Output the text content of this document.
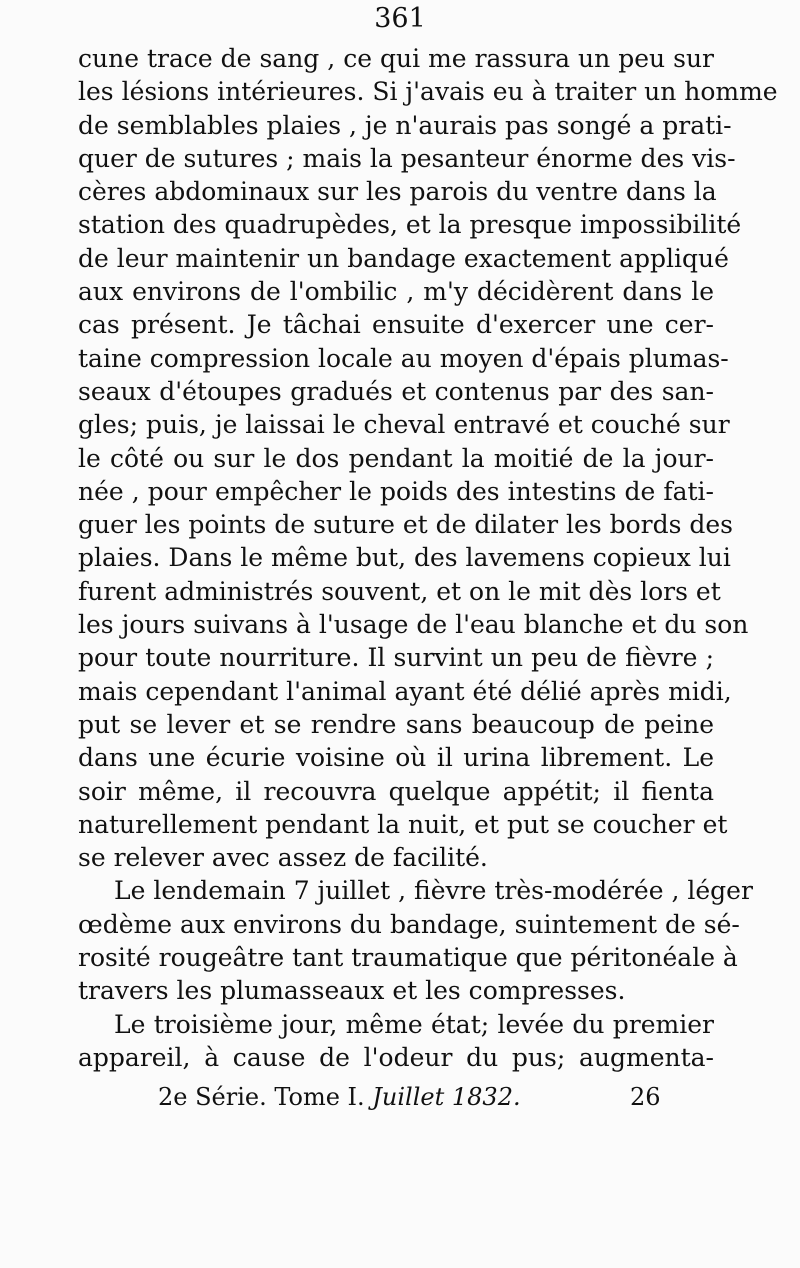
361
cune trace de sang , ce qui me rassura un peu sur
les lésions intérieures. Si j'avais eu à traiter un homme
de semblables plaies , je n'aurais pas songé a prati-
quer de sutures ; mais la pesanteur énorme des vis-
cères abdominaux sur les parois du ventre dans la
station des quadrupèdes, et la presque impossibilité
de leur maintenir un bandage exactement appliqué
aux environs de l'ombilic , m'y décidèrent dans le
cas présent. Je tâchai ensuite d'exercer une cer-
taine compression locale au moyen d'épais plumas-
seaux d'étoupes gradués et contenus par des san-
gles; puis, je laissai le cheval entravé et couché sur
le côté ou sur le dos pendant la moitié de la jour-
née , pour empêcher le poids des intestins de fati-
guer les points de suture et de dilater les bords des
plaies. Dans le même but, des lavemens copieux lui
furent administrés souvent, et on le mit dès lors et
les jours suivans à l'usage de l'eau blanche et du son
pour toute nourriture. Il survint un peu de fièvre ;
mais cependant l'animal ayant été délié après midi,
put se lever et se rendre sans beaucoup de peine
dans une écurie voisine où il urina librement. Le
soir même, il recouvra quelque appétit; il fienta
naturellement pendant la nuit, et put se coucher et
se relever avec assez de facilité.
Le lendemain 7 juillet , fièvre très-modérée , léger
œdème aux environs du bandage, suintement de sé-
rosité rougeâtre tant traumatique que péritonéale à
travers les plumasseaux et les compresses.
Le troisième jour, même état; levée du premier
appareil, à cause de l'odeur du pus; augmenta-
2e Série. Tome I. Juillet 1832.	26
